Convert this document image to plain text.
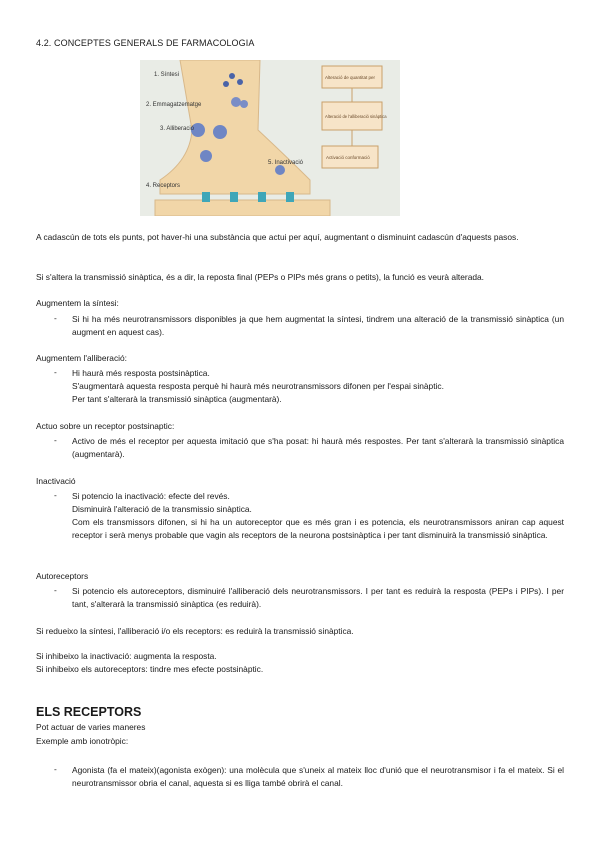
4.2. CONCEPTES GENERALS DE FARMACOLOGIA
1. Síntesi
2. Emmagatzematge
3. Alliberació
4. Receptors
5. Inactivació
Alteració de quantitat per
Alteració de l'alliberació sinàptica
Activació conformació
A cadascún de tots els punts, pot haver-hi una substància que actui per aquí, augmentant o disminuint cadascún d'aquests pasos.
Si s'altera la transmissió sinàptica, és a dir, la reposta final (PEPs o PIPs més grans o petits), la funció es veurà alterada.
Augmentem la síntesi:
- Si hi ha més neurotransmissors disponibles ja que hem augmentat la síntesi, tindrem una alteració de la transmissió sinàptica (un augment en aquest cas).
Augmentem l'alliberació:
- Hi haurà més resposta postsinàptica.
S'augmentarà aquesta resposta perquè hi haurà més neurotransmissors difonen per l'espai sinàptic.
Per tant s'alterarà la transmissió sinàptica (augmentarà).
Actuo sobre un receptor postsinaptic:
- Activo de més el receptor per aquesta imitació que s'ha posat: hi haurà més respostes. Per tant s'alterarà la transmissió sinàptica (augmentarà).
Inactivació
- Si potencio la inactivació: efecte del revés.
Disminuirà l'alteració de la transmissio sinàptica.
Com els transmissors difonen, si hi ha un autoreceptor que es més gran i es potencia, els neurotransmissors aniran cap aquest receptor i serà menys probable que vagin als receptors de la neurona postsinàptica i per tant disminuirà la transmissió sinàptica.
Autoreceptors
- Si potencio els autoreceptors, disminuiré l'alliberació dels neurotransmissors. I per tant es reduirà la resposta (PEPs i PIPs). I per tant, s'alterarà la transmissió sinàptica (es reduirà).
Si redueixo la síntesi, l'alliberació i/o els receptors: es reduirà la transmissió sinàptica.
Si inhibeixo la inactivació: augmenta la resposta.
Si inhibeixo els autoreceptors: tindre mes efecte postsinàptic.
ELS RECEPTORS
Pot actuar de varies maneres
Exemple amb ionotròpic:
- Agonista (fa el mateix)(agonista exògen): una molècula que s'uneix al mateix lloc d'unió que el neurotransmisor i fa el mateix. Si el neurotransmissor obria el canal, aquesta si es lliga també obrirà el canal.
